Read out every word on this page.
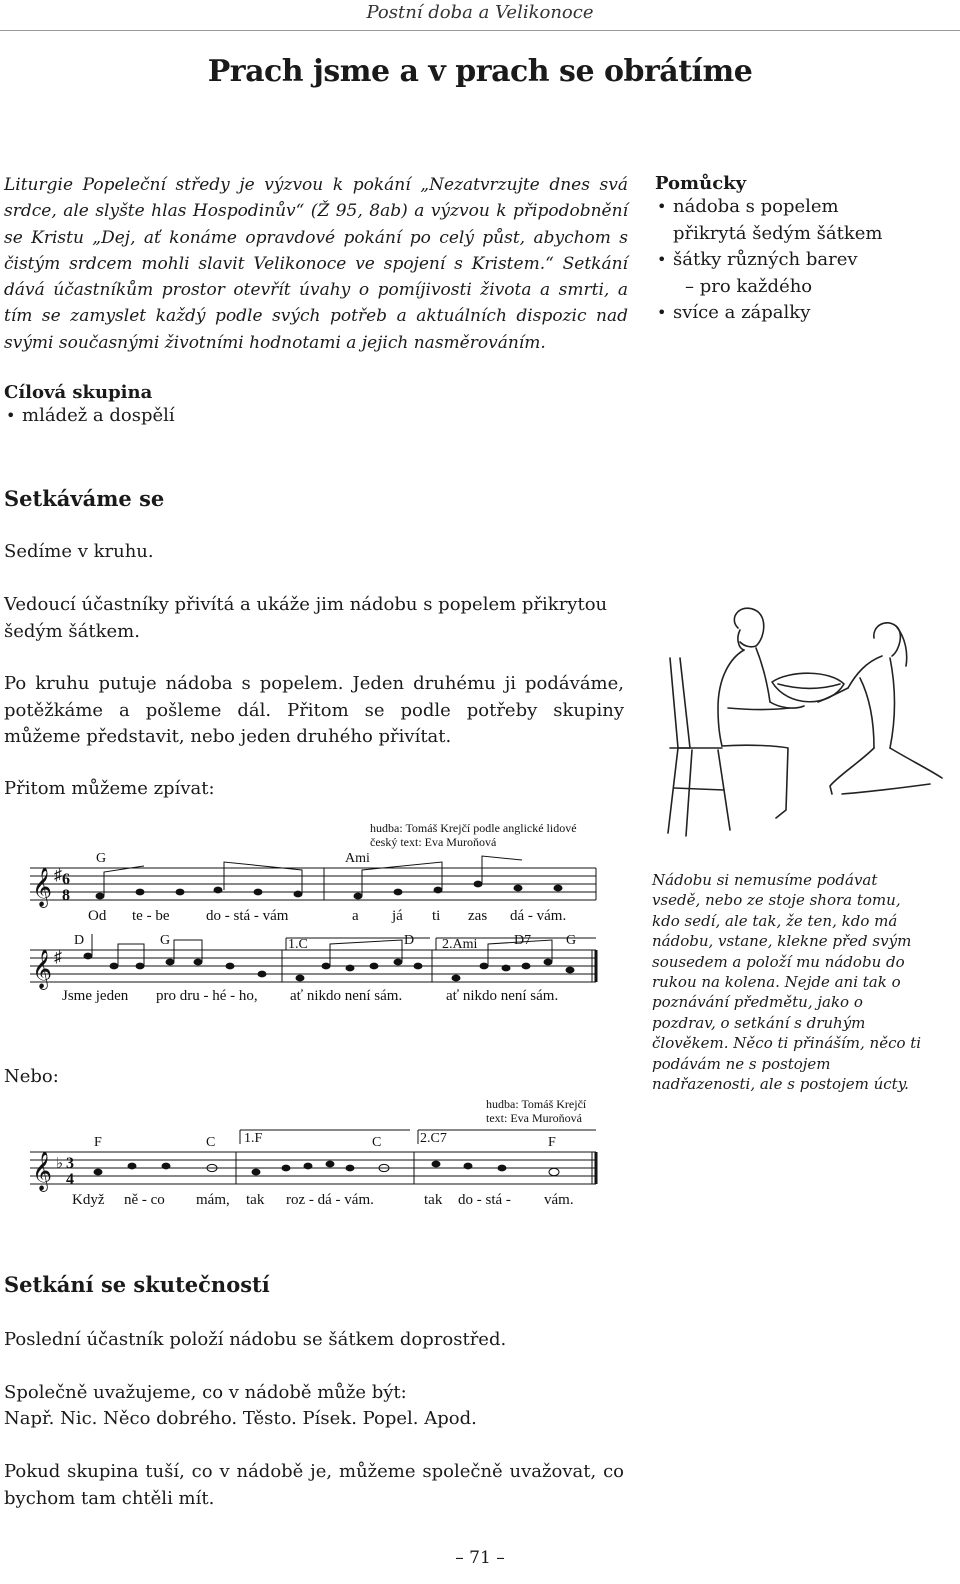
Postní doba a Velikonoce
Prach jsme a v prach se obrátíme
Liturgie Popeleční středy je výzvou k pokání „Nezatvrzujte dnes svá srdce, ale slyšte hlas Hospodinův“ (Ž 95, 8ab) a výzvou k připodobnění se Kristu „Dej, ať konáme opravdové pokání po celý půst, abychom s čistým srdcem mohli slavit Velikonoce ve spojení s Kristem.“ Setkání dává účastníkům prostor otevřít úvahy o pomíjivosti života a smrti, a tím se zamyslet každý podle svých potřeb a aktuálních dispozic nad svými současnými životními hodnotami a jejich nasměrováním.
Pomůcky
• nádoba s popelem přikrytá šedým šátkem
• šátky různých barev
– pro každého
• svíce a zápalky
Cílová skupina
• mládež a dospělí
Setkáváme se

Sedíme v kruhu.

Vedoucí účastníky přivítá a ukáže jim nádobu s popelem přikrytou šedým šátkem.

Po kruhu putuje nádoba s popelem. Jeden druhému ji podáváme, potěžkáme a pošleme dál. Přitom se podle potřeby skupiny můžeme představit, nebo jeden druhého přivítat.

Přitom můžeme zpívat:

hudba: Tomáš Krejčí podle anglické lidové
český text: Eva Muroňová
G	Ami
𝄞 ♯ 6
8
Od te - be do - stá - vám	a já ti zas dá - vám.
D	G	1.C	D 2.Ami	D7 G
𝄞 ♯
Jsme jeden pro dru - hé - ho, ať nikdo není sám.	ať nikdo není sám.
Nádobu si nemusíme podávat vsedě, nebo ze stoje shora tomu, kdo sedí, ale tak, že ten, kdo má nádobu, vstane, klekne před svým sousedem a položí mu nádobu do rukou na kolena. Nejde ani tak o poznávání předmětu, jako o pozdrav, o setkání s druhým člověkem. Něco ti přináším, něco ti podávám ne s postojem nadřazenosti, ale s postojem úcty.

Nebo:

hudba: Tomáš Krejčí
text: Eva Muroňová
F	C 1.F	C	2.C7	F
𝄞 ♭ 3
4
Když ně - co mám, tak roz - dá - vám.	tak do - stá - vám.
Setkání se skutečností

Poslední účastník položí nádobu se šátkem doprostřed.

Společně uvažujeme, co v nádobě může být:

Např. Nic. Něco dobrého. Těsto. Písek. Popel. Apod.

Pokud skupina tuší, co v nádobě je, můžeme společně uvažovat, co bychom tam chtěli mít.

– 71 –
